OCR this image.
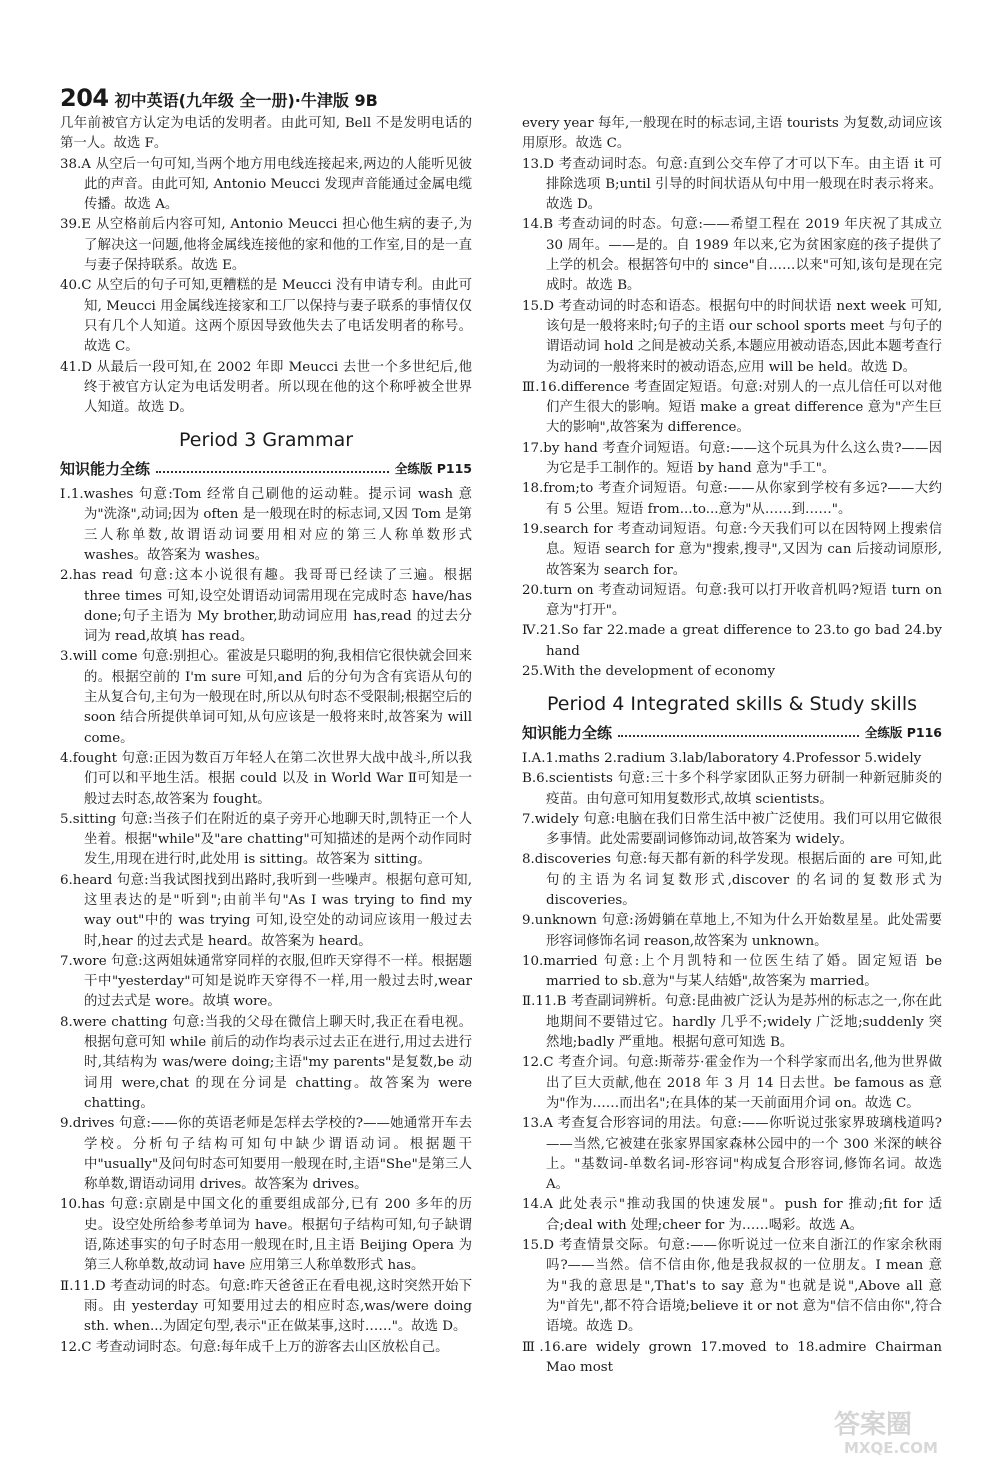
204 初中英语(九年级 全一册)·牛津版 9B

几年前被官方认定为电话的发明者。由此可知, Bell 不是发明电话的第一人。故选 F。

38.A 从空后一句可知,当两个地方用电线连接起来,两边的人能听见彼此的声音。由此可知, Antonio Meucci 发现声音能通过金属电缆传播。故选 A。

39.E 从空格前后内容可知, Antonio Meucci 担心他生病的妻子,为了解决这一问题,他将金属线连接他的家和他的工作室,目的是一直与妻子保持联系。故选 E。

40.C 从空后的句子可知,更糟糕的是 Meucci 没有申请专利。由此可知, Meucci 用金属线连接家和工厂以保持与妻子联系的事情仅仅只有几个人知道。这两个原因导致他失去了电话发明者的称号。故选 C。

41.D 从最后一段可知,在 2002 年即 Meucci 去世一个多世纪后,他终于被官方认定为电话发明者。所以现在他的这个称呼被全世界人知道。故选 D。

Period 3 Grammar
知识能力全练	全练版 P115

Ⅰ.1.washes 句意:Tom 经常自己刷他的运动鞋。提示词 wash 意为"洗涤",动词;因为 often 是一般现在时的标志词,又因 Tom 是第三人称单数,故谓语动词要用相对应的第三人称单数形式 washes。故答案为 washes。

2.has read 句意:这本小说很有趣。我哥哥已经读了三遍。根据 three times 可知,设空处谓语动词需用现在完成时态 have/has done;句子主语为 My brother,助动词应用 has,read 的过去分词为 read,故填 has read。

3.will come 句意:别担心。霍波是只聪明的狗,我相信它很快就会回来的。根据空前的 I'm sure 可知,and 后的分句为含有宾语从句的主从复合句,主句为一般现在时,所以从句时态不受限制;根据空后的 soon 结合所提供单词可知,从句应该是一般将来时,故答案为 will come。

4.fought 句意:正因为数百万年轻人在第二次世界大战中战斗,所以我们可以和平地生活。根据 could 以及 in World War Ⅱ可知是一般过去时态,故答案为 fought。

5.sitting 句意:当孩子们在附近的桌子旁开心地聊天时,凯特正一个人坐着。根据"while"及"are chatting"可知描述的是两个动作同时发生,用现在进行时,此处用 is sitting。故答案为 sitting。

6.heard 句意:当我试图找到出路时,我听到一些噪声。根据句意可知,这里表达的是"听到";由前半句"As I was trying to find my way out"中的 was trying 可知,设空处的动词应该用一般过去时,hear 的过去式是 heard。故答案为 heard。

7.wore 句意:这两姐妹通常穿同样的衣服,但昨天穿得不一样。根据题干中"yesterday"可知是说昨天穿得不一样,用一般过去时,wear 的过去式是 wore。故填 wore。

8.were chatting 句意:当我的父母在微信上聊天时,我正在看电视。根据句意可知 while 前后的动作均表示过去正在进行,用过去进行时,其结构为 was/were doing;主语"my parents"是复数,be 动词用 were,chat 的现在分词是 chatting。故答案为 were chatting。

9.drives 句意:——你的英语老师是怎样去学校的?——她通常开车去学校。分析句子结构可知句中缺少谓语动词。根据题干中"usually"及问句时态可知要用一般现在时,主语"She"是第三人称单数,谓语动词用 drives。故答案为 drives。

10.has 句意:京剧是中国文化的重要组成部分,已有 200 多年的历史。设空处所给参考单词为 have。根据句子结构可知,句子缺谓语,陈述事实的句子时态用一般现在时,且主语 Beijing Opera 为第三人称单数,故动词 have 应用第三人称单数形式 has。

Ⅱ.11.D 考查动词的时态。句意:昨天爸爸正在看电视,这时突然开始下雨。由 yesterday 可知要用过去的相应时态,was/were doing sth. when...为固定句型,表示"正在做某事,这时……"。故选 D。

12.C 考查动词时态。句意:每年成千上万的游客去山区放松自己。

every year 每年,一般现在时的标志词,主语 tourists 为复数,动词应该用原形。故选 C。

13.D 考查动词时态。句意:直到公交车停了才可以下车。由主语 it 可排除选项 B;until 引导的时间状语从句中用一般现在时表示将来。故选 D。

14.B 考查动词的时态。句意:——希望工程在 2019 年庆祝了其成立 30 周年。——是的。自 1989 年以来,它为贫困家庭的孩子提供了上学的机会。根据答句中的 since"自……以来"可知,该句是现在完成时。故选 B。

15.D 考查动词的时态和语态。根据句中的时间状语 next week 可知,该句是一般将来时;句子的主语 our school sports meet 与句子的谓语动词 hold 之间是被动关系,本题应用被动语态,因此本题考查行为动词的一般将来时的被动语态,应用 will be held。故选 D。

Ⅲ.16.difference 考查固定短语。句意:对别人的一点儿信任可以对他们产生很大的影响。短语 make a great difference 意为"产生巨大的影响",故答案为 difference。

17.by hand 考查介词短语。句意:——这个玩具为什么这么贵?——因为它是手工制作的。短语 by hand 意为"手工"。

18.from;to 考查介词短语。句意:——从你家到学校有多远?——大约有 5 公里。短语 from...to...意为"从……到……"。

19.search for 考查动词短语。句意:今天我们可以在因特网上搜索信息。短语 search for 意为"搜索,搜寻",又因为 can 后接动词原形,故答案为 search for。

20.turn on 考查动词短语。句意:我可以打开收音机吗?短语 turn on 意为"打开"。

Ⅳ.21.So far 22.made a great difference to 23.to go bad 24.by hand

25.With the development of economy

Period 4 Integrated skills & Study skills
知识能力全练	全练版 P116

Ⅰ.A.1.maths 2.radium 3.lab/laboratory 4.Professor 5.widely

B.6.scientists 句意:三十多个科学家团队正努力研制一种新冠肺炎的疫苗。由句意可知用复数形式,故填 scientists。

7.widely 句意:电脑在我们日常生活中被广泛使用。我们可以用它做很多事情。此处需要副词修饰动词,故答案为 widely。

8.discoveries 句意:每天都有新的科学发现。根据后面的 are 可知,此句的主语为名词复数形式,discover 的名词的复数形式为 discoveries。

9.unknown 句意:汤姆躺在草地上,不知为什么开始数星星。此处需要形容词修饰名词 reason,故答案为 unknown。

10.married 句意:上个月凯特和一位医生结了婚。固定短语 be married to sb.意为"与某人结婚",故答案为 married。

Ⅱ.11.B 考查副词辨析。句意:昆曲被广泛认为是苏州的标志之一,你在此地期间不要错过它。hardly 几乎不;widely 广泛地;suddenly 突然地;badly 严重地。根据句意可知选 B。

12.C 考查介词。句意:斯蒂芬·霍金作为一个科学家而出名,他为世界做出了巨大贡献,他在 2018 年 3 月 14 日去世。be famous as 意为"作为……而出名";在具体的某一天前面用介词 on。故选 C。

13.A 考查复合形容词的用法。句意:——你听说过张家界玻璃栈道吗?——当然,它被建在张家界国家森林公园中的一个 300 米深的峡谷上。"基数词-单数名词-形容词"构成复合形容词,修饰名词。故选 A。

14.A 此处表示"推动我国的快速发展"。push for 推动;fit for 适合;deal with 处理;cheer for 为……喝彩。故选 A。

15.D 考查情景交际。句意:——你听说过一位来自浙江的作家余秋雨吗?——当然。信不信由你,他是我叔叔的一位朋友。I mean 意为"我的意思是",That's to say 意为"也就是说",Above all 意为"首先",都不符合语境;believe it or not 意为"信不信由你",符合语境。故选 D。

Ⅲ.16.are widely grown 17.moved to 18.admire Chairman Mao most

答案圈
MXQE.COM
